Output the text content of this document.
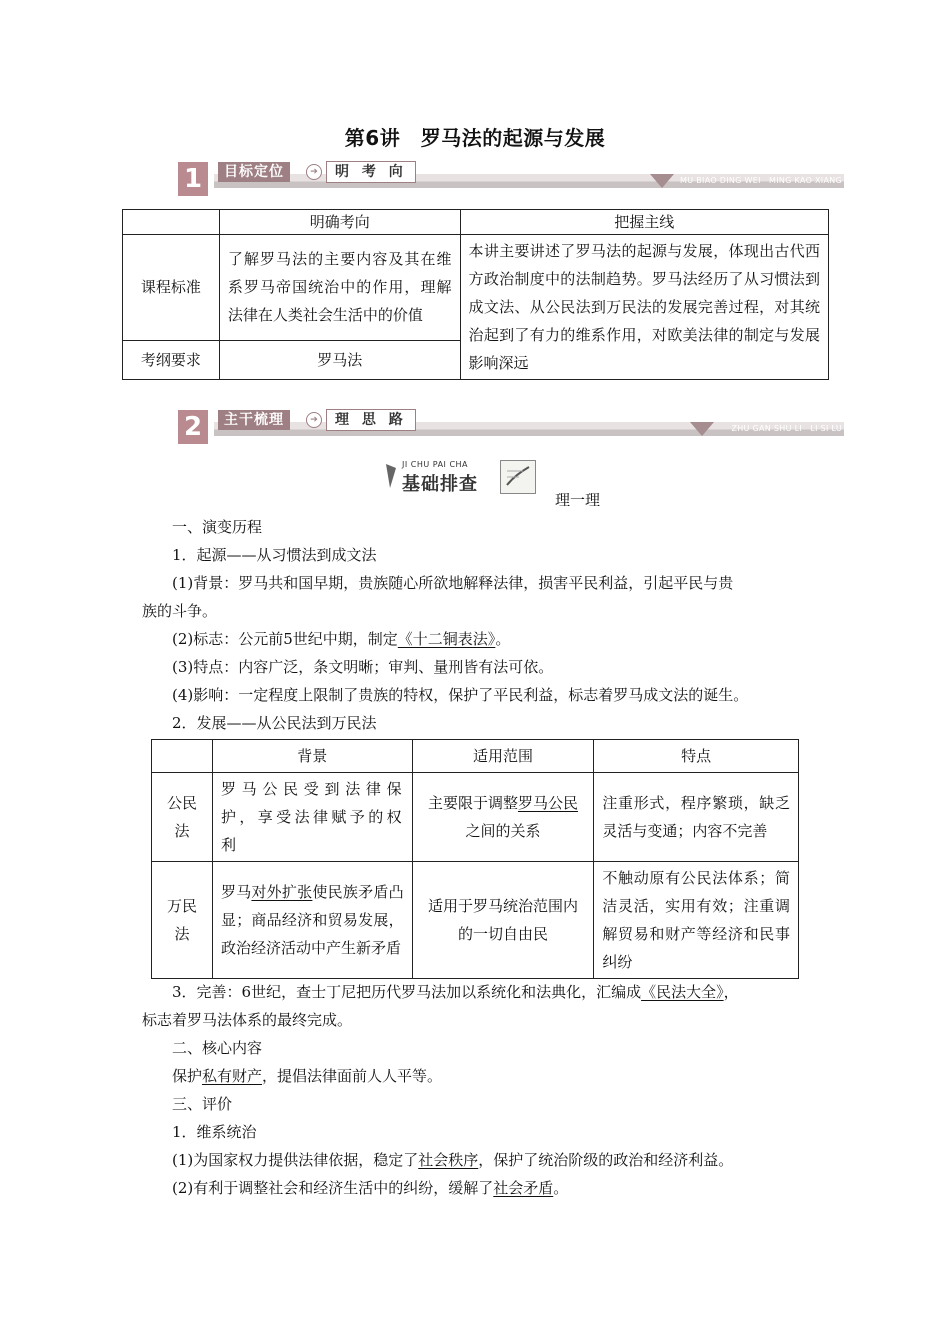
第6讲　罗马法的起源与发展
1	目标定位	➔	明 考 向
MU BIAO DING WEI　MING KAO XIANG
	明确考向	把握主线
课程标准	了解罗马法的主要内容及其在维系罗马帝国统治中的作用，理解法律在人类社会生活中的价值	本讲主要讲述了罗马法的起源与发展，体现出古代西方政治制度中的法制趋势。罗马法经历了从习惯法到成文法、从公民法到万民法的发展完善过程，对其统治起到了有力的维系作用，对欧美法律的制定与发展影响深远
考纲要求	罗马法	
2	主干梳理	➔	理 思 路
ZHU GAN SHU LI　LI SI LU
JI CHU PAI CHA
基础排查
理一理
一、演变历程
1．起源——从习惯法到成文法
(1)背景：罗马共和国早期，贵族随心所欲地解释法律，损害平民利益，引起平民与贵
族的斗争。
(2)标志：公元前5世纪中期，制定《十二铜表法》。
(3)特点：内容广泛，条文明晰；审判、量刑皆有法可依。
(4)影响：一定程度上限制了贵族的特权，保护了平民利益，标志着罗马成文法的诞生。
2．发展——从公民法到万民法
	背景	适用范围	特点
公民法	罗马公民受到法律保护，享受法律赋予的权利	主要限于调整罗马公民之间的关系	注重形式，程序繁琐，缺乏灵活与变通；内容不完善
万民法	罗马对外扩张使民族矛盾凸显；商品经济和贸易发展，政治经济活动中产生新矛盾	适用于罗马统治范围内的一切自由民	不触动原有公民法体系；简洁灵活，实用有效；注重调解贸易和财产等经济和民事纠纷
3．完善：6世纪，查士丁尼把历代罗马法加以系统化和法典化，汇编成《民法大全》，
标志着罗马法体系的最终完成。
二、核心内容
保护私有财产，提倡法律面前人人平等。
三、评价
1．维系统治
(1)为国家权力提供法律依据，稳定了社会秩序，保护了统治阶级的政治和经济利益。
(2)有利于调整社会和经济生活中的纠纷，缓解了社会矛盾。
